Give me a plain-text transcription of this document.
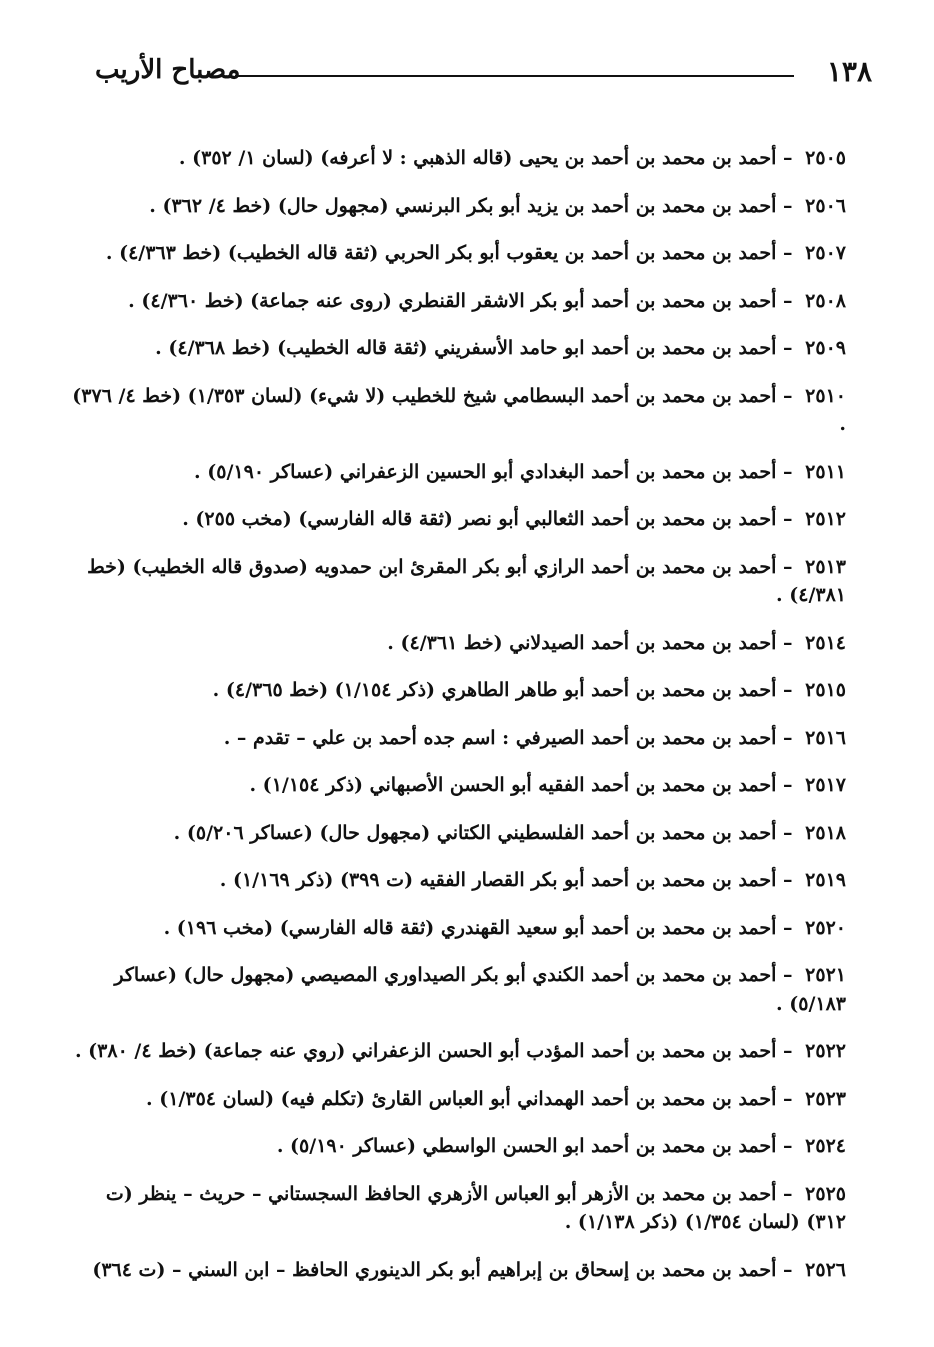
١٣٨
مصباح الأريب

٢٥٠٥ – أحمد بن محمد بن أحمد بن يحيى (قاله الذهبي : لا أعرفه) (لسان ١/ ٣٥٢) .

٢٥٠٦ – أحمد بن محمد بن أحمد بن يزيد أبو بكر البرنسي (مجهول حال) (خط ٤/ ٣٦٢) .

٢٥٠٧ – أحمد بن محمد بن أحمد بن يعقوب أبو بكر الحربي (ثقة قاله الخطيب) (خط ٤/٣٦٣) .

٢٥٠٨ – أحمد بن محمد بن أحمد أبو بكر الاشقر القنطري (روى عنه جماعة) (خط ٤/٣٦٠) .

٢٥٠٩ – أحمد بن محمد بن أحمد ابو حامد الأسفريني (ثقة قاله الخطيب) (خط ٤/٣٦٨) .

٢٥١٠ – أحمد بن محمد بن أحمد البسطامي شيخ للخطيب (لا شيء) (لسان ١/٣٥٣) (خط ٤/ ٣٧٦) .

٢٥١١ – أحمد بن محمد بن أحمد البغدادي أبو الحسين الزعفراني (عساكر ٥/١٩٠) .

٢٥١٢ – أحمد بن محمد بن أحمد الثعالبي أبو نصر (ثقة قاله الفارسي) (مخب ٢٥٥) .

٢٥١٣ – أحمد بن محمد بن أحمد الرازي أبو بكر المقرئ ابن حمدويه (صدوق قاله الخطيب) (خط ٤/٣٨١) .

٢٥١٤ – أحمد بن محمد بن أحمد الصيدلاني (خط ٤/٣٦١) .

٢٥١٥ – أحمد بن محمد بن أحمد أبو طاهر الطاهري (ذكر ١/١٥٤) (خط ٤/٣٦٥) .

٢٥١٦ – أحمد بن محمد بن أحمد الصيرفي : اسم جده أحمد بن علي – تقدم – .

٢٥١٧ – أحمد بن محمد بن أحمد الفقيه أبو الحسن الأصبهاني (ذكر ١/١٥٤) .

٢٥١٨ – أحمد بن محمد بن أحمد الفلسطيني الكتاني (مجهول حال) (عساكر ٥/٢٠٦) .

٢٥١٩ – أحمد بن محمد بن أحمد أبو بكر القصار الفقيه (ت ٣٩٩) (ذكر ١/١٦٩) .

٢٥٢٠ – أحمد بن محمد بن أحمد أبو سعيد القهندري (ثقة قاله الفارسي) (مخب ١٩٦) .

٢٥٢١ – أحمد بن محمد بن أحمد الكندي أبو بكر الصيداوري المصيصي (مجهول حال) (عساكر ٥/١٨٣) .

٢٥٢٢ – أحمد بن محمد بن أحمد المؤدب أبو الحسن الزعفراني (روي عنه جماعة) (خط ٤/ ٣٨٠) .

٢٥٢٣ – أحمد بن محمد بن أحمد الهمداني أبو العباس القارئ (تكلم فيه) (لسان ١/٣٥٤) .

٢٥٢٤ – أحمد بن محمد بن أحمد ابو الحسن الواسطي (عساكر ٥/١٩٠) .

٢٥٢٥ – أحمد بن محمد بن الأزهر أبو العباس الأزهري الحافظ السجستاني – حريث – ينظر (ت ٣١٢) (لسان ١/٣٥٤) (ذكر ١/١٣٨) .

٢٥٢٦ – أحمد بن محمد بن إسحاق بن إبراهيم أبو بكر الدينوري الحافظ – ابن السني – (ت ٣٦٤)
